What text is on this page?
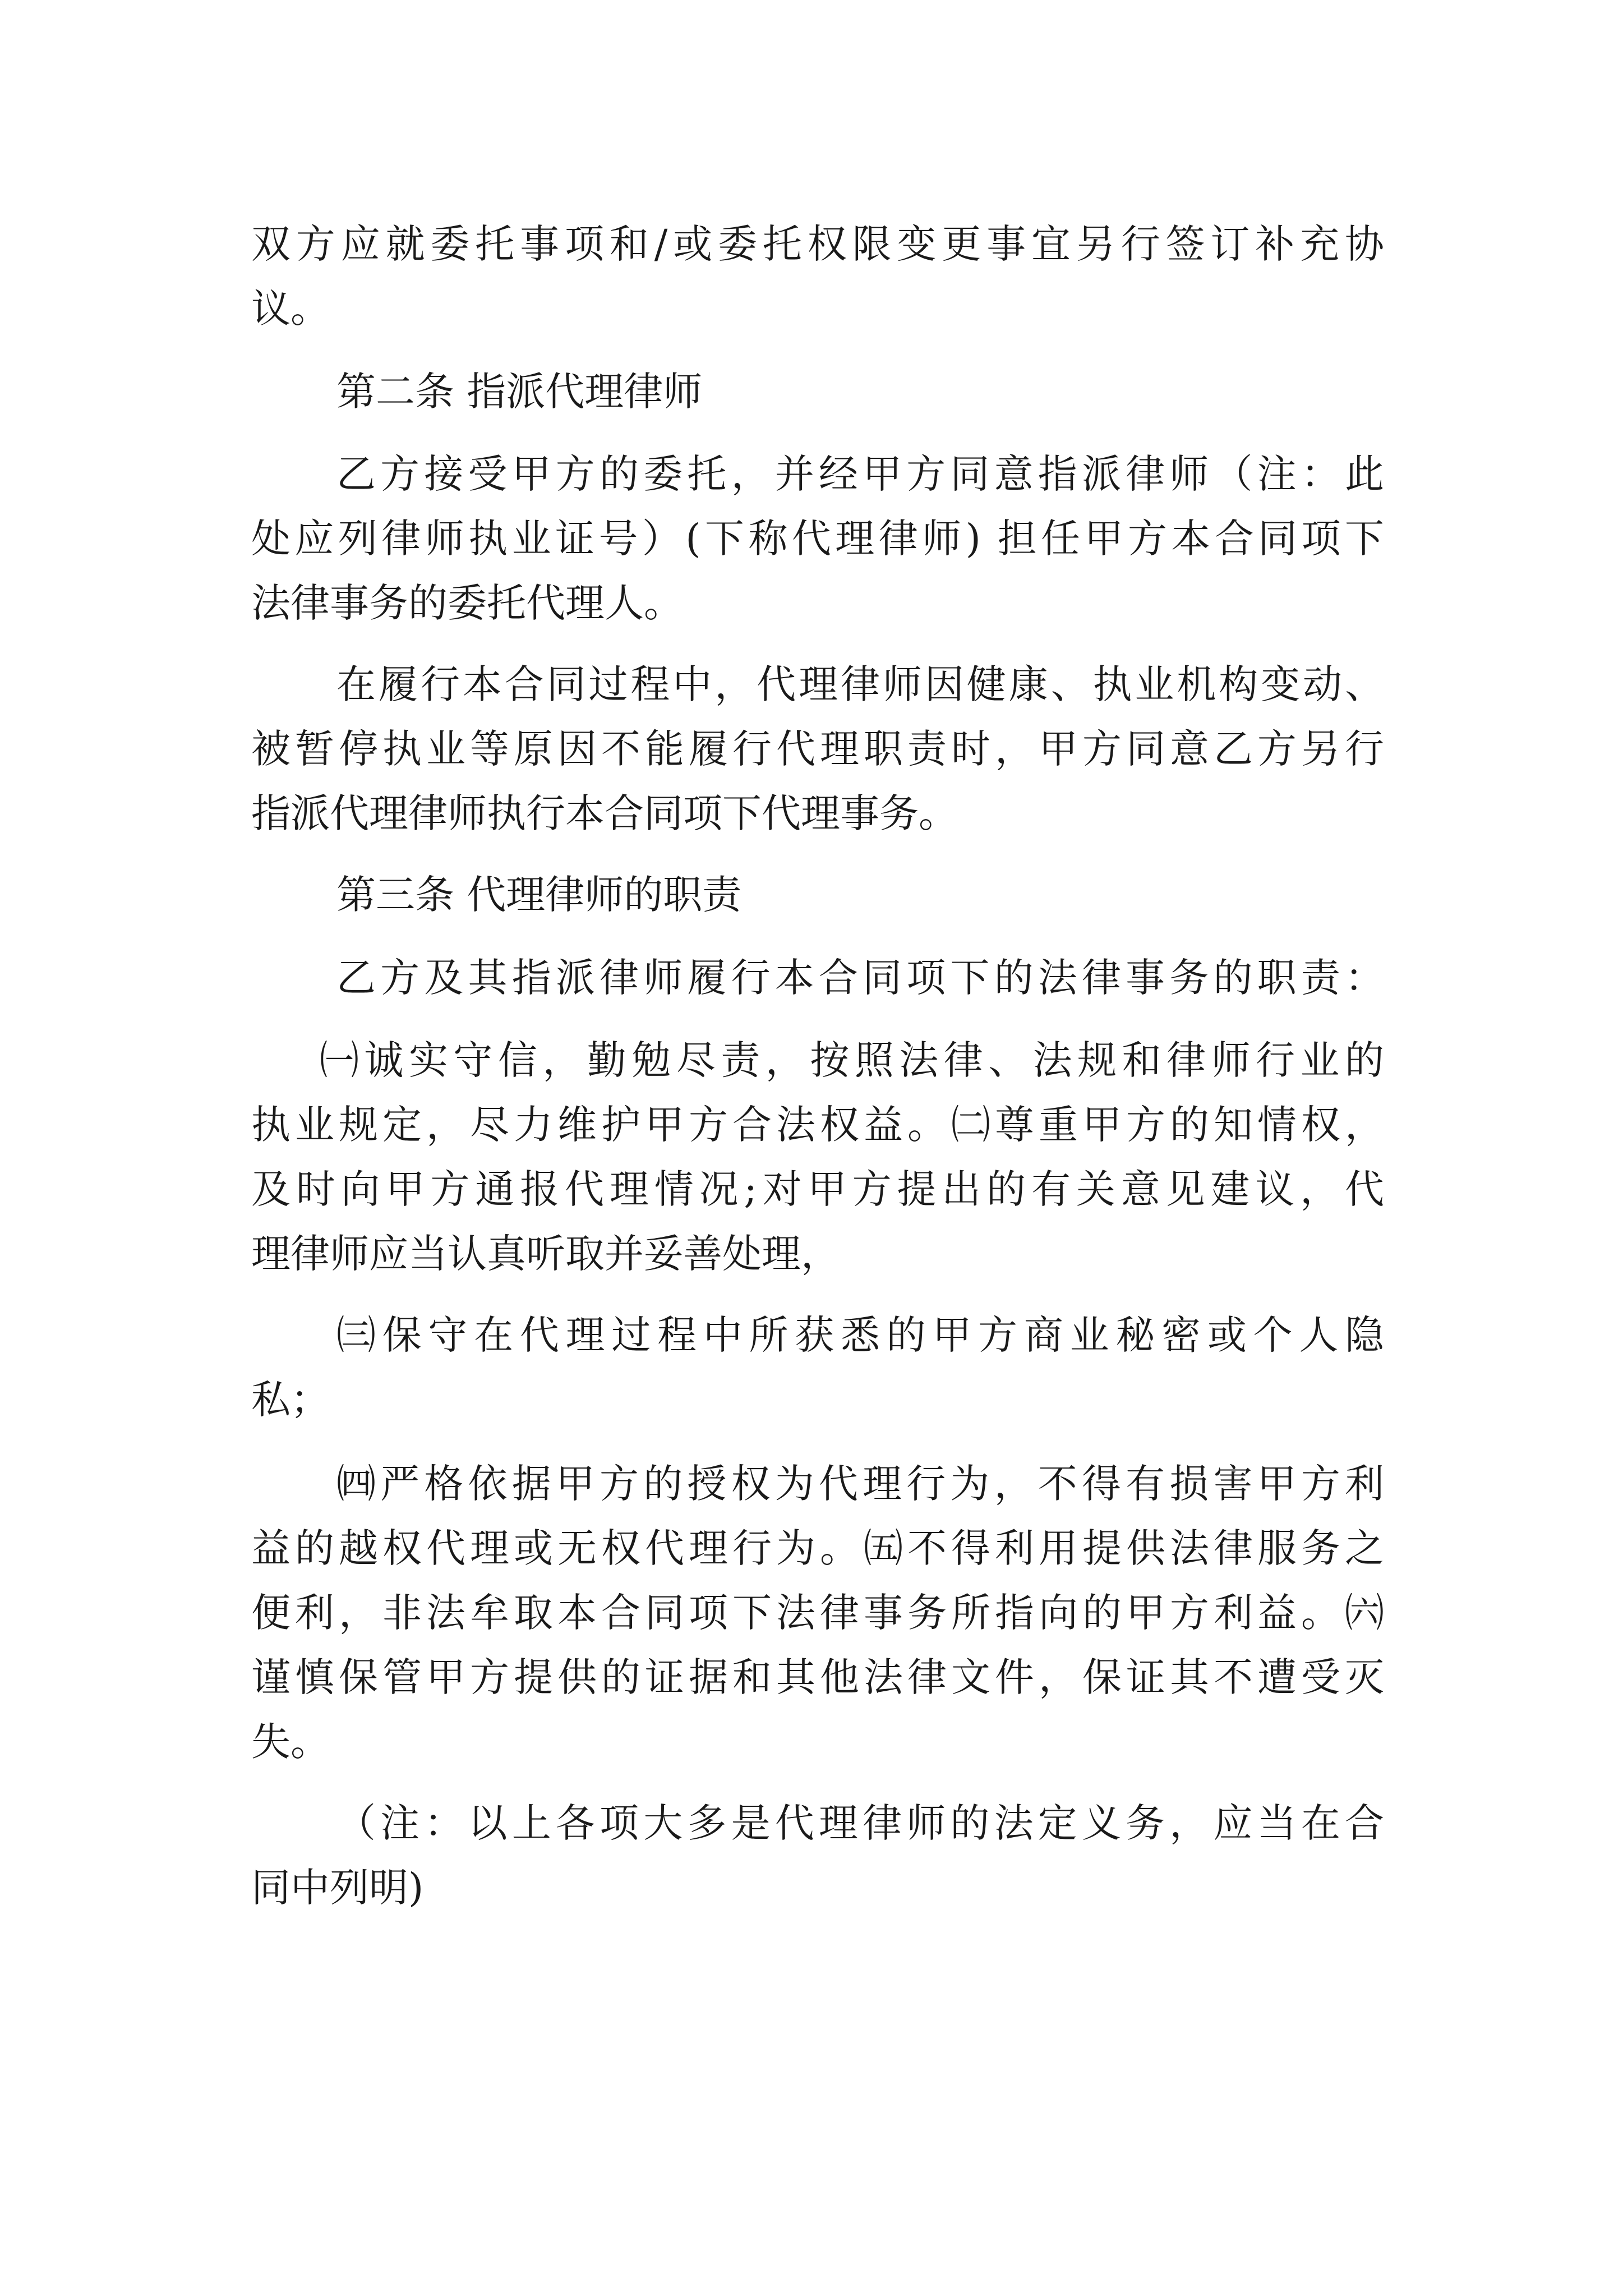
双方应就委托事项和/或委托权限变更事宜另行签订补充协
议。
第二条 指派代理律师
乙方接受甲方的委托，并经甲方同意指派律师（注：此
处应列律师执业证号）(下称代理律师) 担任甲方本合同项下
法律事务的委托代理人。
在履行本合同过程中，代理律师因健康、执业机构变动、
被暂停执业等原因不能履行代理职责时，甲方同意乙方另行
指派代理律师执行本合同项下代理事务。
第三条 代理律师的职责
乙方及其指派律师履行本合同项下的法律事务的职责：
㈠诚实守信，勤勉尽责，按照法律、法规和律师行业的
执业规定，尽力维护甲方合法权益。㈡尊重甲方的知情权，
及时向甲方通报代理情况;对甲方提出的有关意见建议，代
理律师应当认真听取并妥善处理，
㈢保守在代理过程中所获悉的甲方商业秘密或个人隐
私；
㈣严格依据甲方的授权为代理行为，不得有损害甲方利
益的越权代理或无权代理行为。㈤不得利用提供法律服务之
便利，非法牟取本合同项下法律事务所指向的甲方利益。㈥
谨慎保管甲方提供的证据和其他法律文件，保证其不遭受灭
失。
（注：以上各项大多是代理律师的法定义务，应当在合
同中列明)
